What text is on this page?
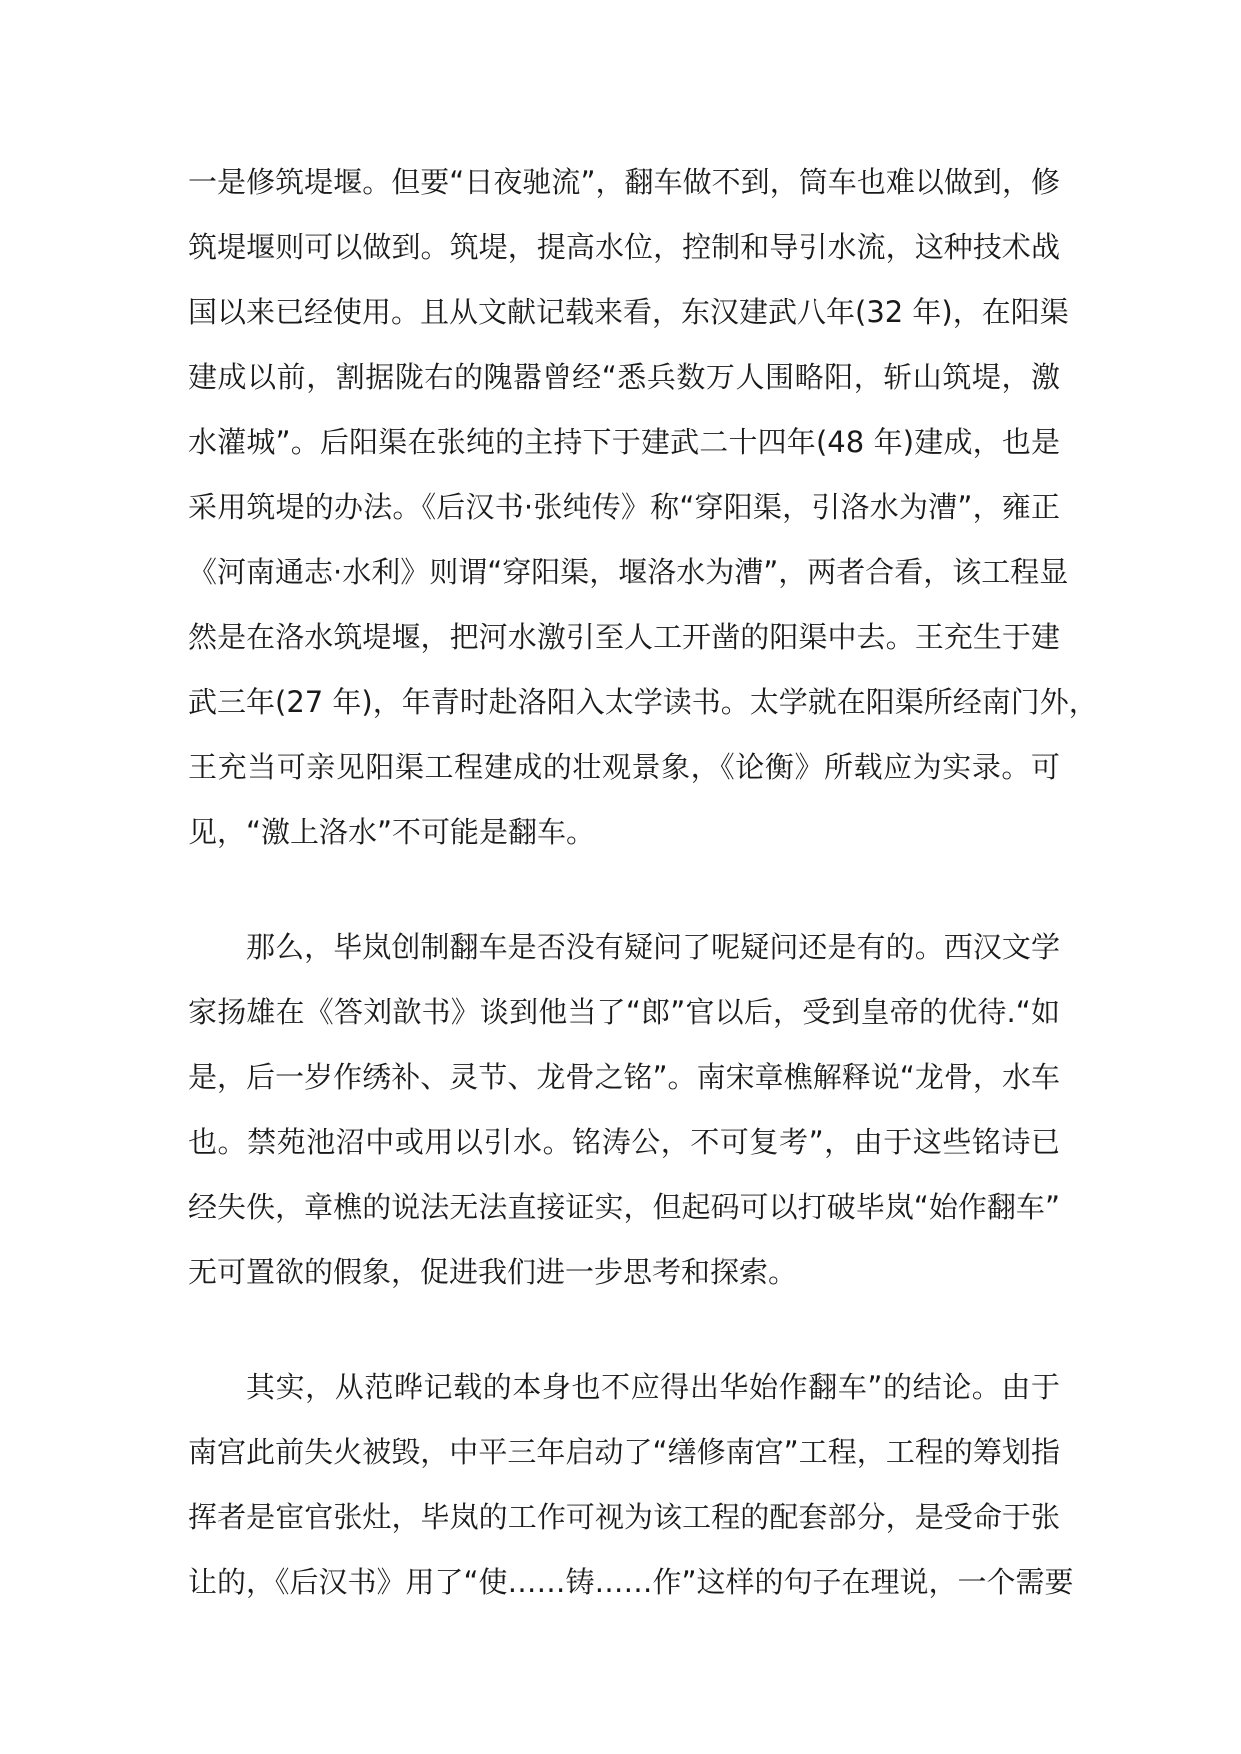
一是修筑堤堰。但要“日夜驰流”，翻车做不到，筒车也难以做到，修
筑堤堰则可以做到。筑堤，提高水位，控制和导引水流，这种技术战
国以来已经使用。且从文献记载来看，东汉建武八年(32 年)，在阳渠
建成以前，割据陇右的隗嚣曾经“悉兵数万人围略阳，斩山筑堤，激
水灌城”。后阳渠在张纯的主持下于建武二十四年(48 年)建成，也是
采用筑堤的办法。《后汉书·张纯传》称“穿阳渠，引洛水为漕”，雍正
《河南通志·水利》则谓“穿阳渠，堰洛水为漕”，两者合看，该工程显
然是在洛水筑堤堰，把河水激引至人工开凿的阳渠中去。王充生于建
武三年(27 年)，年青时赴洛阳入太学读书。太学就在阳渠所经南门外，
王充当可亲见阳渠工程建成的壮观景象，《论衡》所载应为实录。可
见，“激上洛水”不可能是翻车。

那么，毕岚创制翻车是否没有疑问了呢疑问还是有的。西汉文学
家扬雄在《答刘歆书》谈到他当了“郎”官以后，受到皇帝的优待.“如
是，后一岁作绣补、灵节、龙骨之铭”。南宋章樵解释说“龙骨，水车
也。禁苑池沼中或用以引水。铭涛公，不可复考”，由于这些铭诗已
经失佚，章樵的说法无法直接证实，但起码可以打破毕岚“始作翻车”
无可置欲的假象，促进我们进一步思考和探索。

其实，从范晔记载的本身也不应得出华始作翻车”的结论。由于
南宫此前失火被毁，中平三年启动了“缮修南宫”工程，工程的筹划指
挥者是宦官张灶，毕岚的工作可视为该工程的配套部分，是受命于张
让的，《后汉书》用了“使……铸……作”这样的句子在理说，一个需要
